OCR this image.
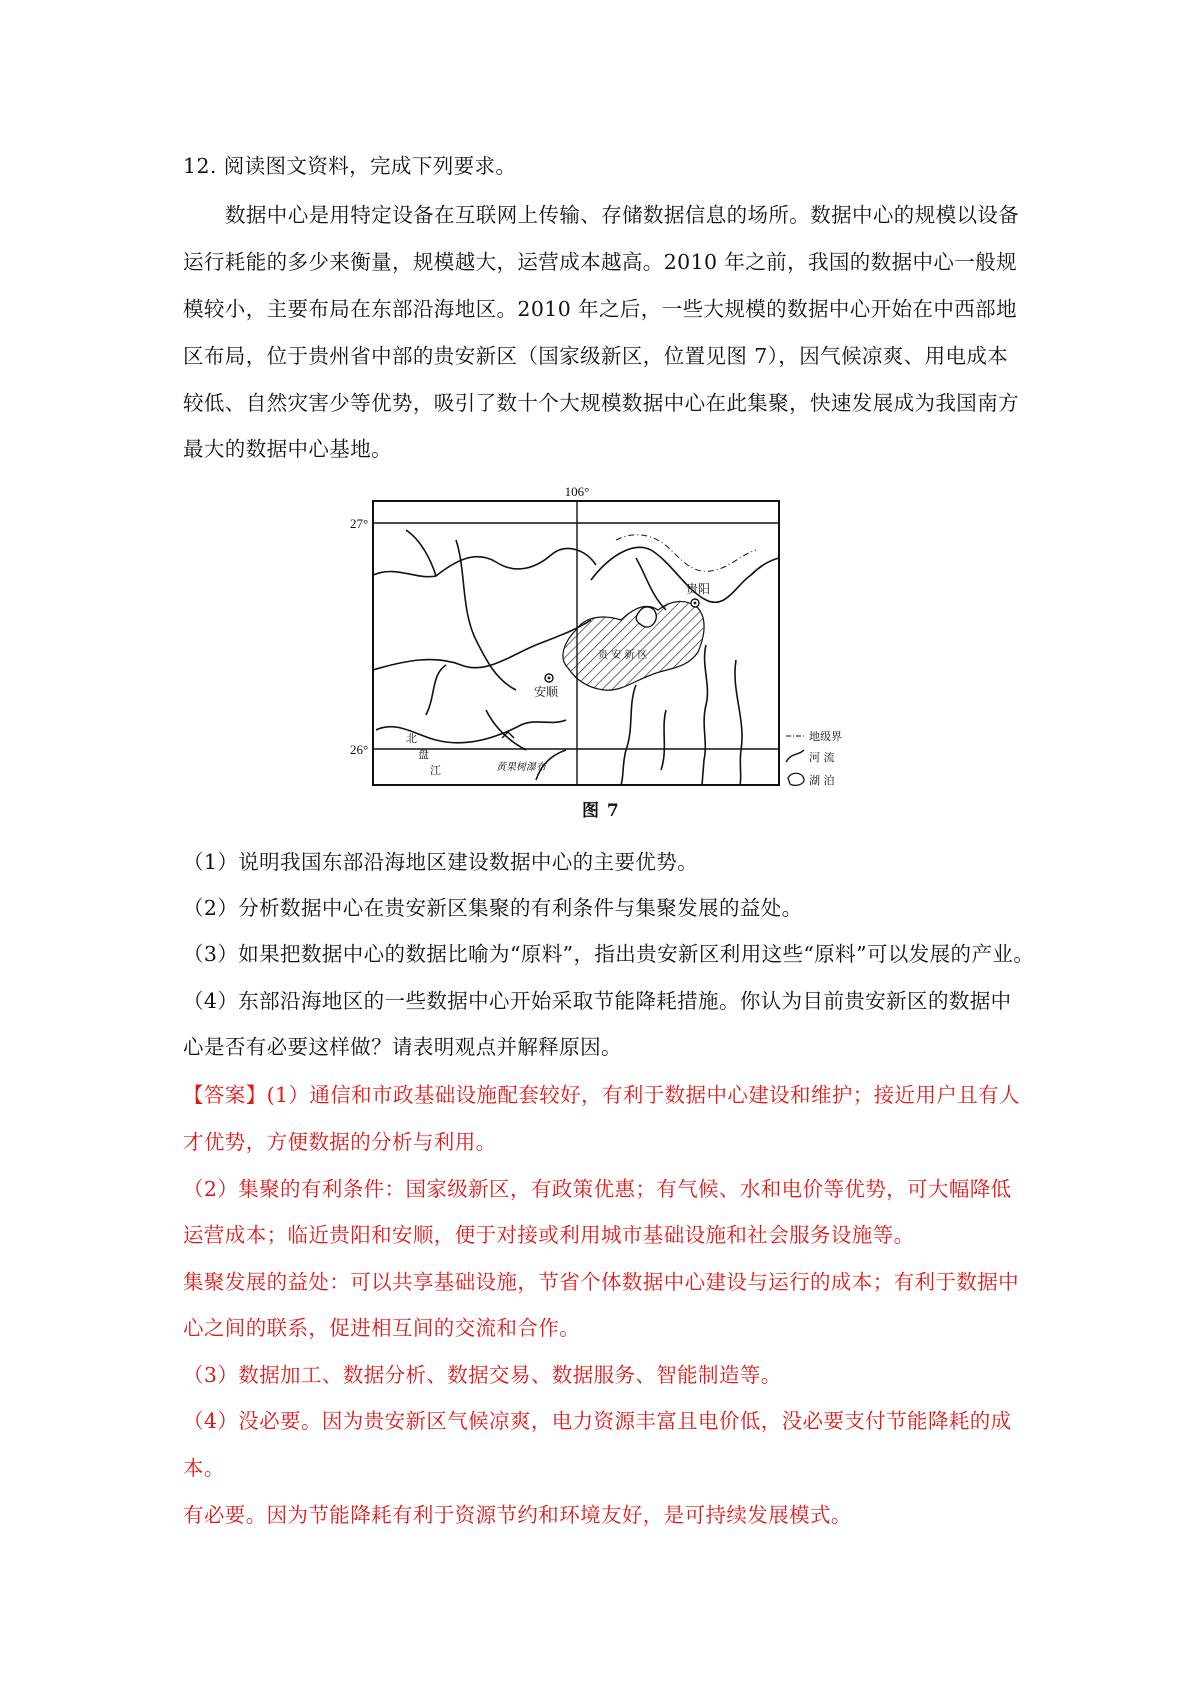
12. 阅读图文资料，完成下列要求。
数据中心是用特定设备在互联网上传输、存储数据信息的场所。数据中心的规模以设备
运行耗能的多少来衡量，规模越大，运营成本越高。2010 年之前，我国的数据中心一般规
模较小，主要布局在东部沿海地区。2010 年之后，一些大规模的数据中心开始在中西部地
区布局，位于贵州省中部的贵安新区（国家级新区，位置见图 7），因气候凉爽、用电成本
较低、自然灾害少等优势，吸引了数十个大规模数据中心在此集聚，快速发展成为我国南方
最大的数据中心基地。
106°
27°
26°
贵阳
安顺
贵 安 新 区
北
盘
江	黄果树瀑布
地级界
河 流
湖 泊
图 7
（1）说明我国东部沿海地区建设数据中心的主要优势。
（2）分析数据中心在贵安新区集聚的有利条件与集聚发展的益处。
（3）如果把数据中心的数据比喻为“原料”，指出贵安新区利用这些“原料”可以发展的产业。
（4）东部沿海地区的一些数据中心开始采取节能降耗措施。你认为目前贵安新区的数据中
心是否有必要这样做？请表明观点并解释原因。
【答案】(1）通信和市政基础设施配套较好，有利于数据中心建设和维护；接近用户且有人
才优势，方便数据的分析与利用。
（2）集聚的有利条件：国家级新区，有政策优惠；有气候、水和电价等优势，可大幅降低
运营成本；临近贵阳和安顺，便于对接或利用城市基础设施和社会服务设施等。
集聚发展的益处：可以共享基础设施，节省个体数据中心建设与运行的成本；有利于数据中
心之间的联系，促进相互间的交流和合作。
（3）数据加工、数据分析、数据交易、数据服务、智能制造等。
（4）没必要。因为贵安新区气候凉爽，电力资源丰富且电价低，没必要支付节能降耗的成
本。
有必要。因为节能降耗有利于资源节约和环境友好，是可持续发展模式。
